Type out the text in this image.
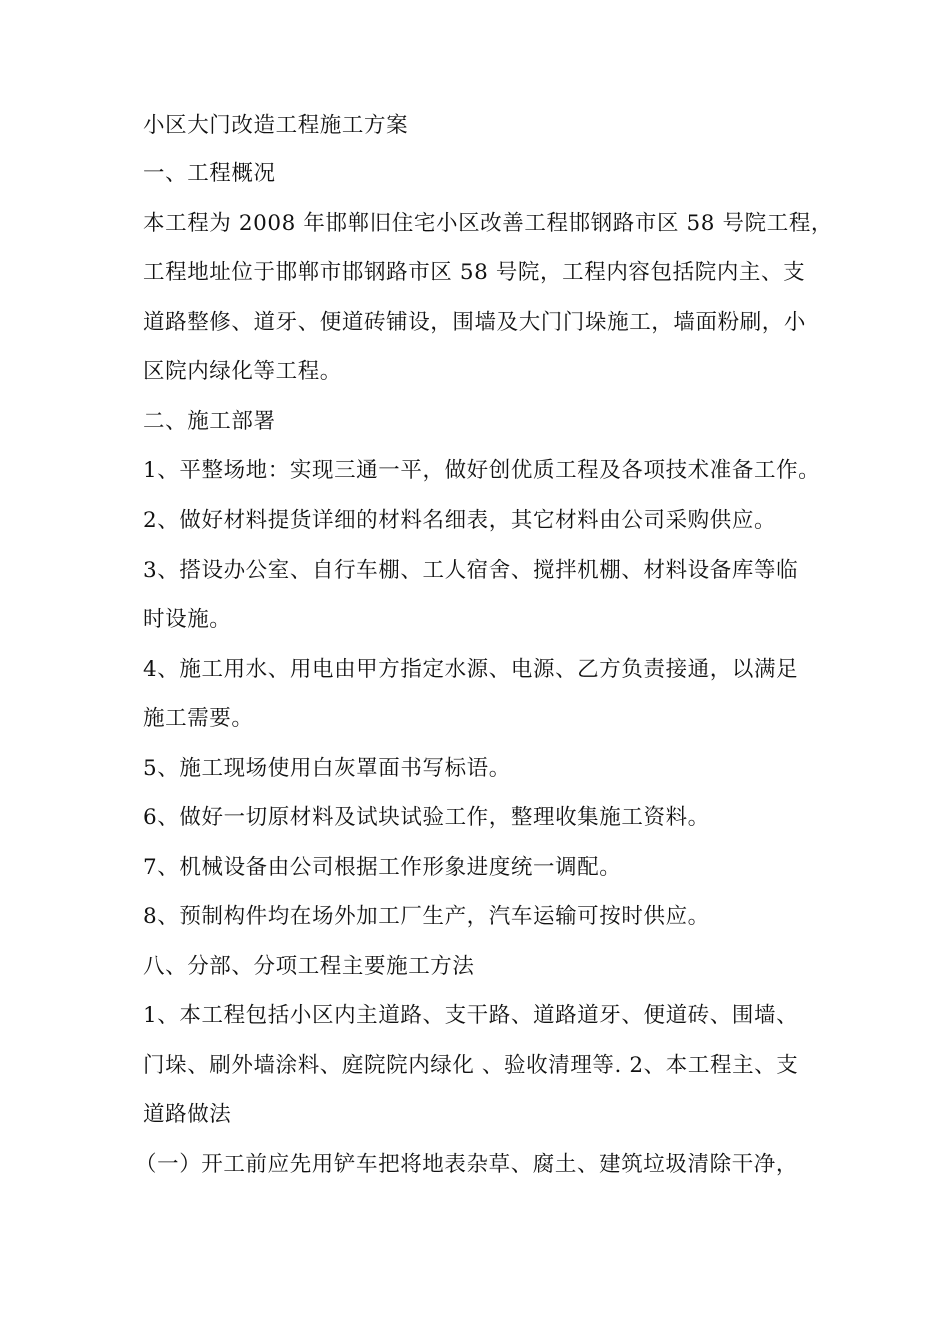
小区大门改造工程施工方案
一、工程概况
本工程为 2008 年邯郸旧住宅小区改善工程邯钢路市区 58 号院工程，
工程地址位于邯郸市邯钢路市区 58 号院，工程内容包括院内主、支
道路整修、道牙、便道砖铺设，围墙及大门门垛施工，墙面粉刷，小
区院内绿化等工程。
二、施工部署
1、平整场地：实现三通一平，做好创优质工程及各项技术准备工作。
2、做好材料提货详细的材料名细表，其它材料由公司采购供应。
3、搭设办公室、自行车棚、工人宿舍、搅拌机棚、材料设备库等临
时设施。
4、施工用水、用电由甲方指定水源、电源、乙方负责接通，以满足
施工需要。
5、施工现场使用白灰罩面书写标语。
6、做好一切原材料及试块试验工作，整理收集施工资料。
7、机械设备由公司根据工作形象进度统一调配。
8、预制构件均在场外加工厂生产，汽车运输可按时供应。
八、分部、分项工程主要施工方法
1、本工程包括小区内主道路、支干路、道路道牙、便道砖、围墙、
门垛、刷外墙涂料、庭院院内绿化 、验收清理等. 2、本工程主、支
道路做法
（一）开工前应先用铲车把将地表杂草、腐土、建筑垃圾清除干净，
